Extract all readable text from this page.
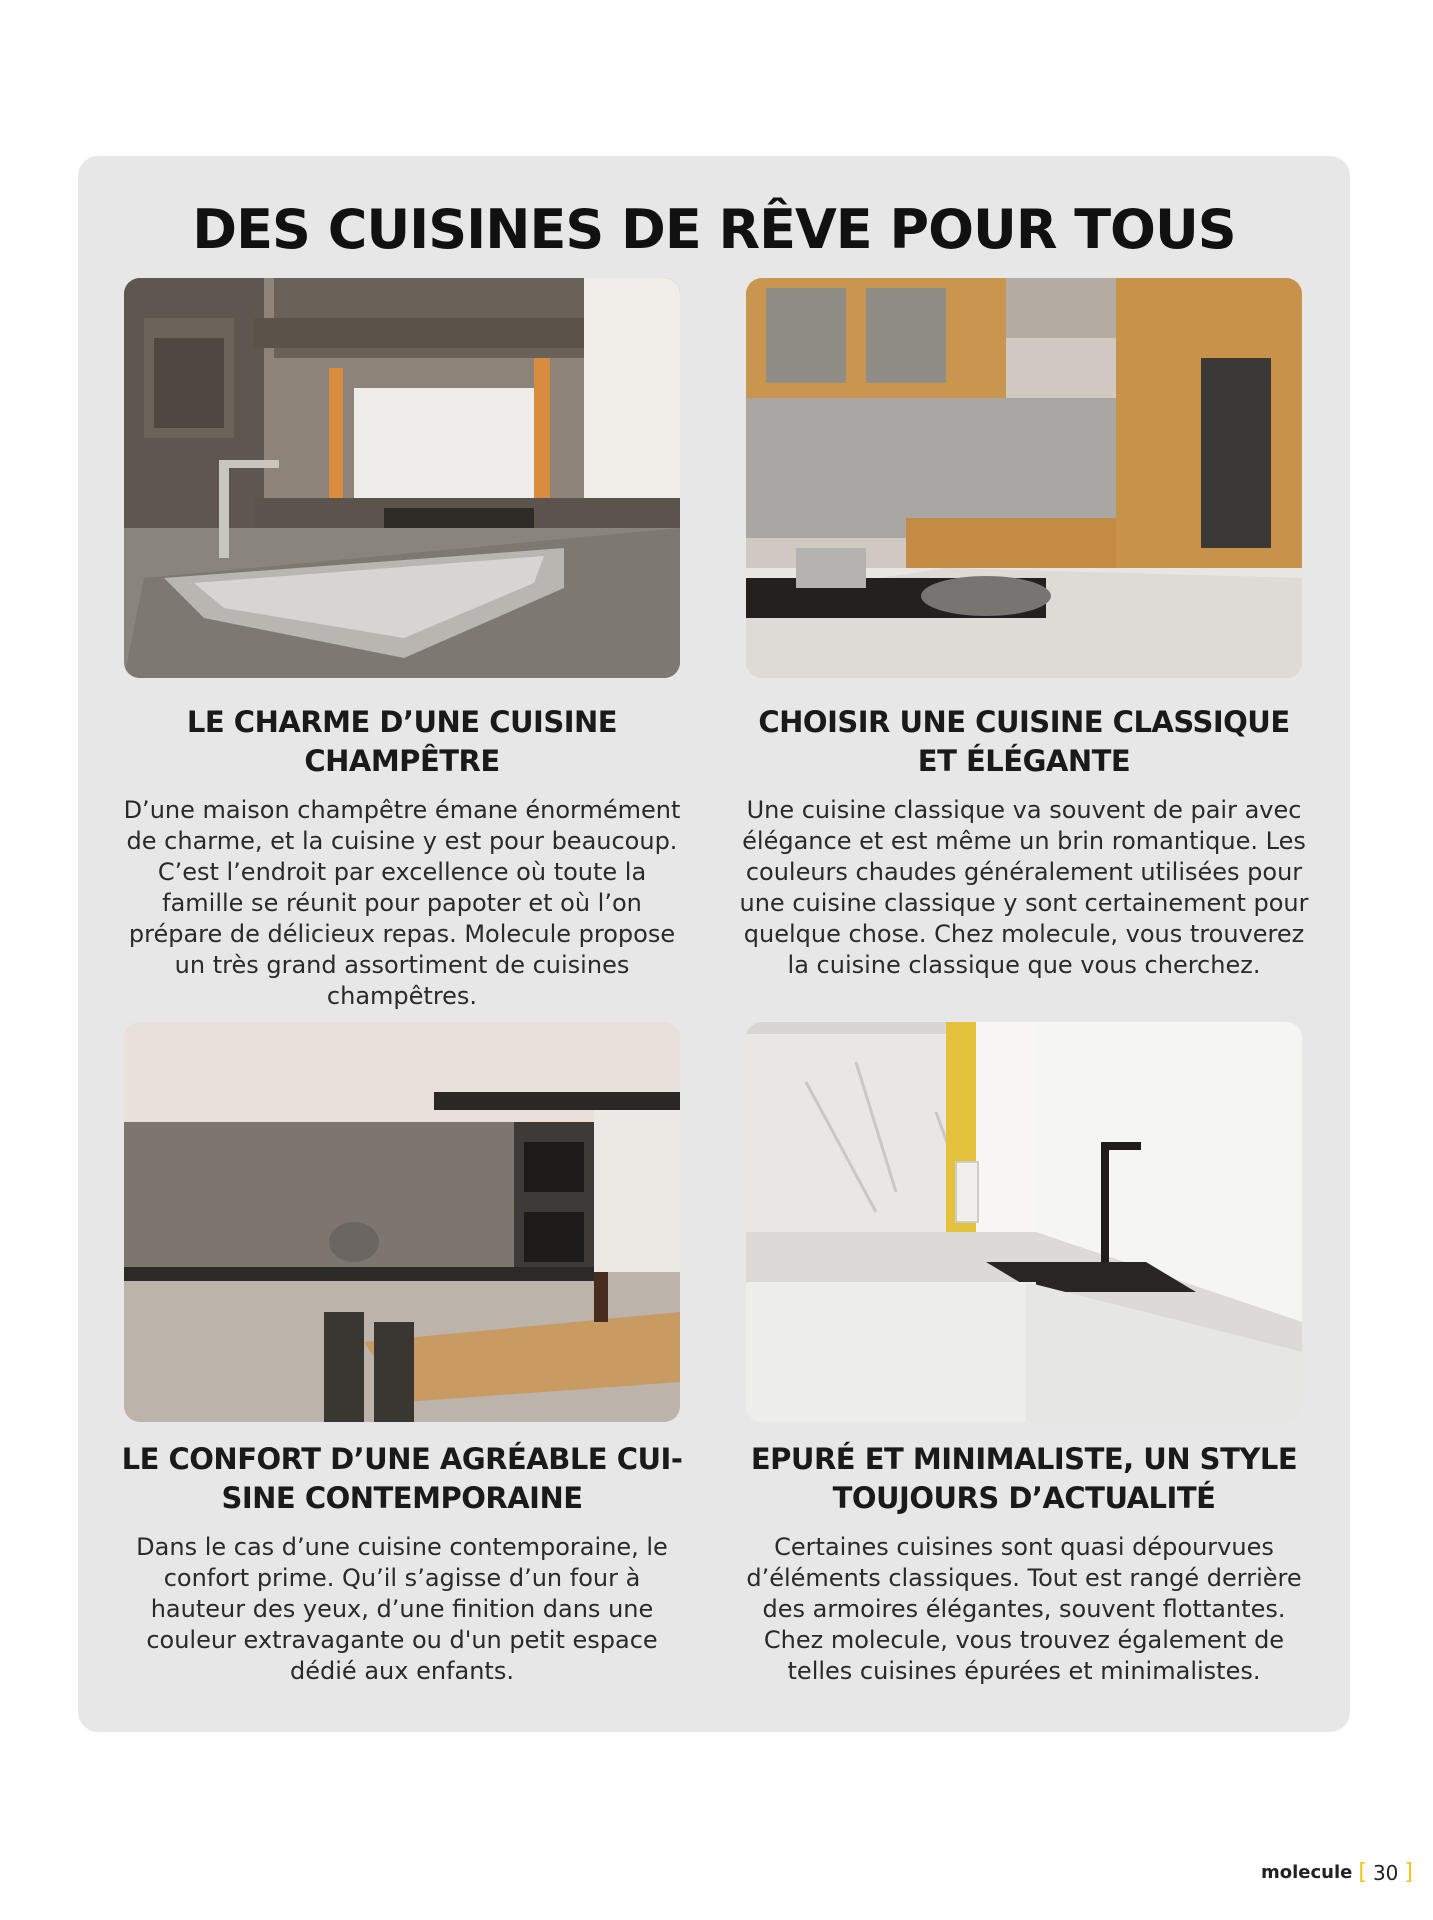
DES CUISINES DE RÊVE POUR TOUS
LE CHARME D’UNE CUISINE CHAMPÊTRE

D’une maison champêtre émane énormément de charme, et la cuisine y est pour beaucoup. C’est l’endroit par excellence où toute la famille se réunit pour papoter et où l’on prépare de délicieux repas. Molecule propose un très grand assortiment de cuisines champêtres.

CHOISIR UNE CUISINE CLASSIQUE ET ÉLÉGANTE

Une cuisine classique va souvent de pair avec élégance et est même un brin romantique. Les couleurs chaudes généralement utilisées pour une cuisine classique y sont certainement pour quelque chose. Chez molecule, vous trouverez la cuisine classique que vous cherchez.

LE CONFORT D’UNE AGRÉABLE CUI-SINE CONTEMPORAINE

Dans le cas d’une cuisine contemporaine, le confort prime. Qu’il s’agisse d’un four à hauteur des yeux, d’une finition dans une couleur extravagante ou d'un petit espace dédié aux enfants.

EPURÉ ET MINIMALISTE, UN STYLE TOUJOURS D’ACTUALITÉ

Certaines cuisines sont quasi dépourvues d’éléments classiques. Tout est rangé derrière des armoires élégantes, souvent flottantes. Chez molecule, vous trouvez également de telles cuisines épurées et minimalistes.

molecule [ 30 ]
